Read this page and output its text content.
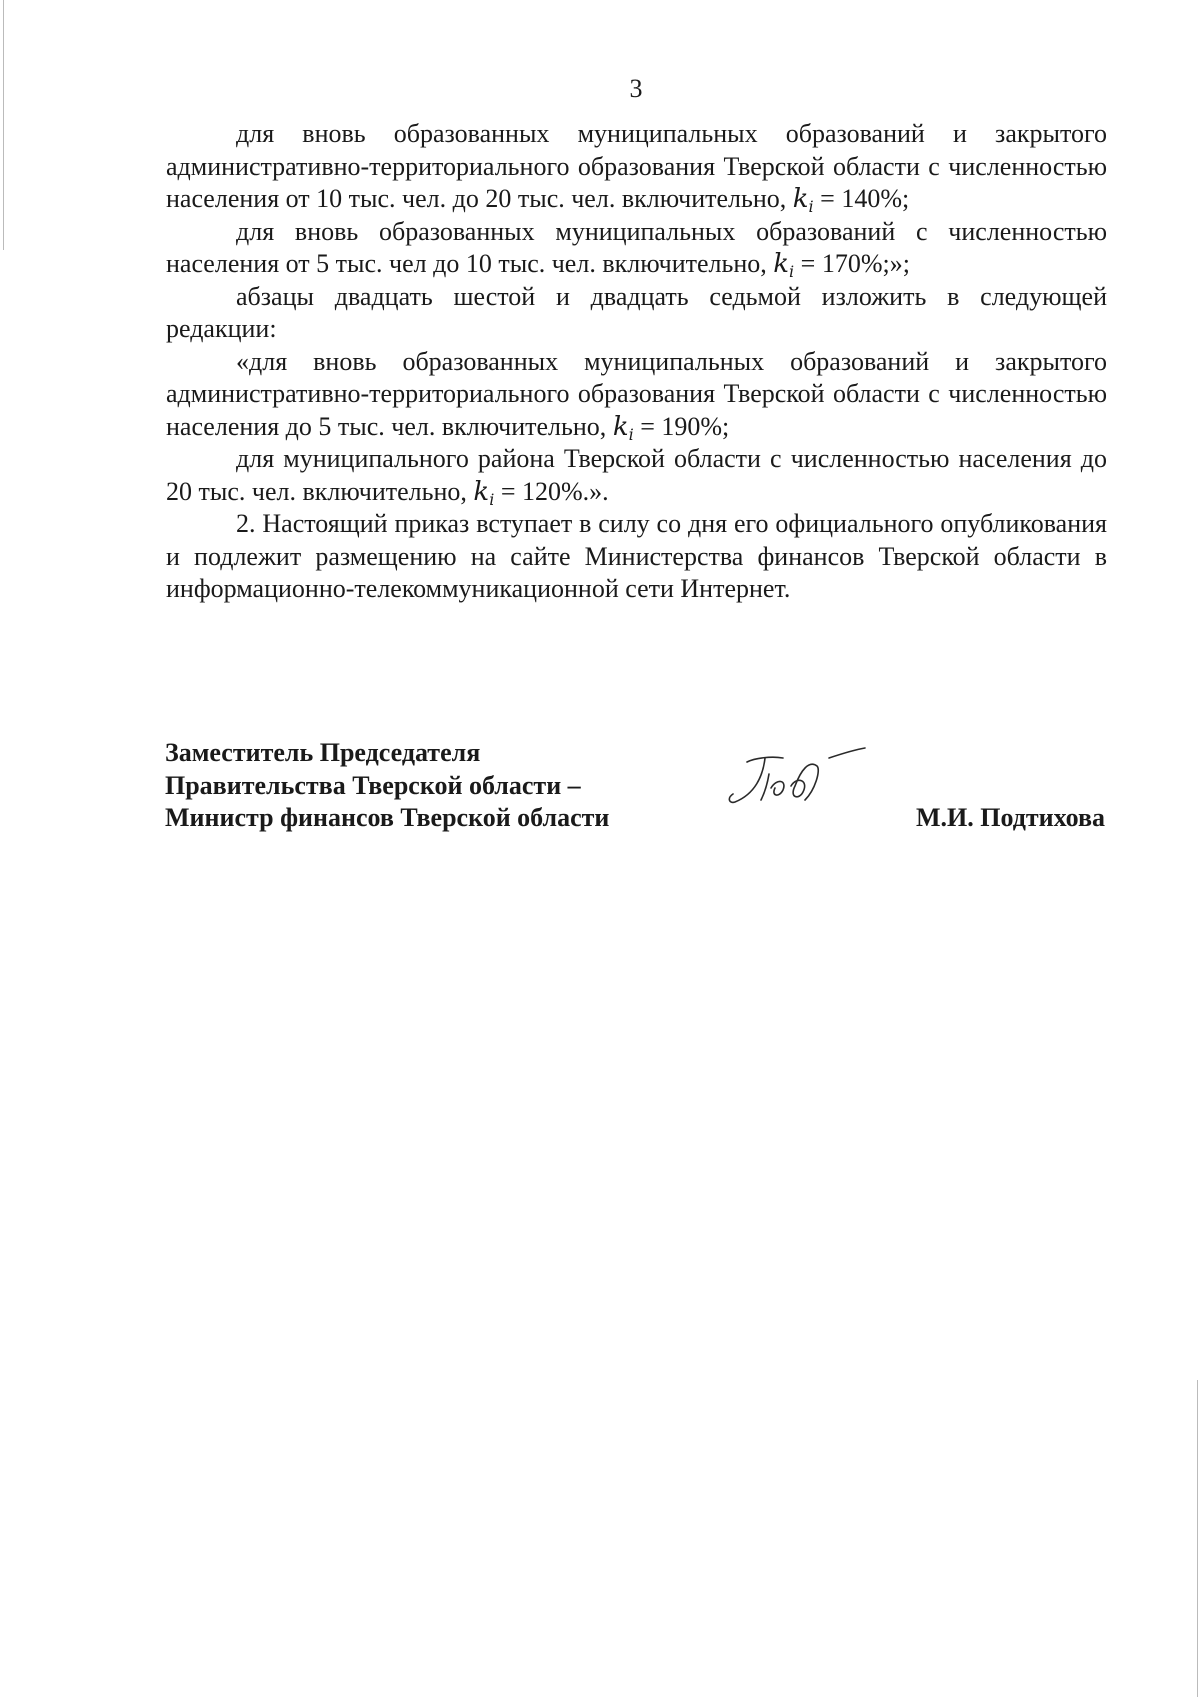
3

для вновь образованных муниципальных образований и закрытого административно-территориального образования Тверской области с численностью населения от 10 тыс. чел. до 20 тыс. чел. включительно, $k_i = 140\%$;

для вновь образованных муниципальных образований с численностью населения от 5 тыс. чел до 10 тыс. чел. включительно, $k_i = 170\%$;»;

абзацы двадцать шестой и двадцать седьмой изложить в следующей редакции:

«для вновь образованных муниципальных образований и закрытого административно-территориального образования Тверской области с численностью населения до 5 тыс. чел. включительно, $k_i = 190\%$;

для муниципального района Тверской области с численностью населения до 20 тыс. чел. включительно, $k_i = 120\%$.».

2. Настоящий приказ вступает в силу со дня его официального опубликования и подлежит размещению на сайте Министерства финансов Тверской области в информационно-телекоммуникационной сети Интернет.

Заместитель Председателя
Правительства Тверской области –
Министр финансов Тверской области	М.И. Подтихова
